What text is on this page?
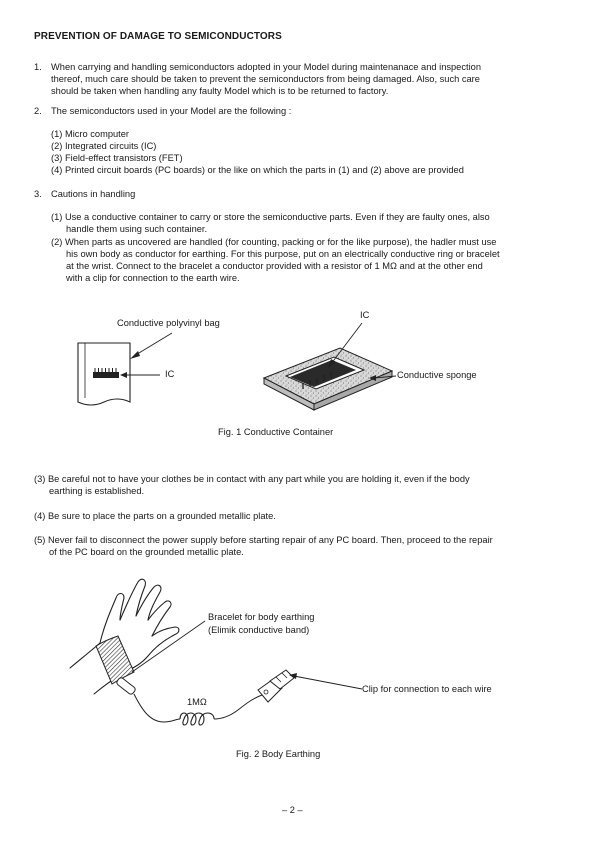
PREVENTION OF DAMAGE TO SEMICONDUCTORS
1. When carrying and handling semiconductors adopted in your Model during maintenanace and inspection
thereof, much care should be taken to prevent the semiconductors from being damaged. Also, such care
should be taken when handling any faulty Model which is to be returned to factory.
2. The semiconductors used in your Model are the following :
(1) Micro computer
(2) Integrated circuits (IC)
(3) Field-effect transistors (FET)
(4) Printed circuit boards (PC boards) or the like on which the parts in (1) and (2) above are provided
3. Cautions in handling
(1) Use a conductive container to carry or store the semiconductive parts. Even if they are faulty ones, also
handle them using such container.
(2) When parts as uncovered are handled (for counting, packing or for the like purpose), the hadler must use
his own body as conductor for earthing. For this purpose, put on an electrically conductive ring or bracelet
at the wrist. Connect to the bracelet a conductor provided with a resistor of 1 MΩ and at the other end
with a clip for connection to the earth wire.
Conductive polyvinyl bag
IC
IC
Conductive sponge
Fig. 1 Conductive Container
(3) Be careful not to have your clothes be in contact with any part while you are holding it, even if the body
earthing is established.
(4) Be sure to place the parts on a grounded metallic plate.
(5) Never fail to disconnect the power supply before starting repair of any PC board. Then, proceed to the repair
of the PC board on the grounded metallic plate.
Bracelet for body earthing
(Elimik conductive band)
1MΩ
Clip for connection to each wire
Fig. 2 Body Earthing
– 2 –
